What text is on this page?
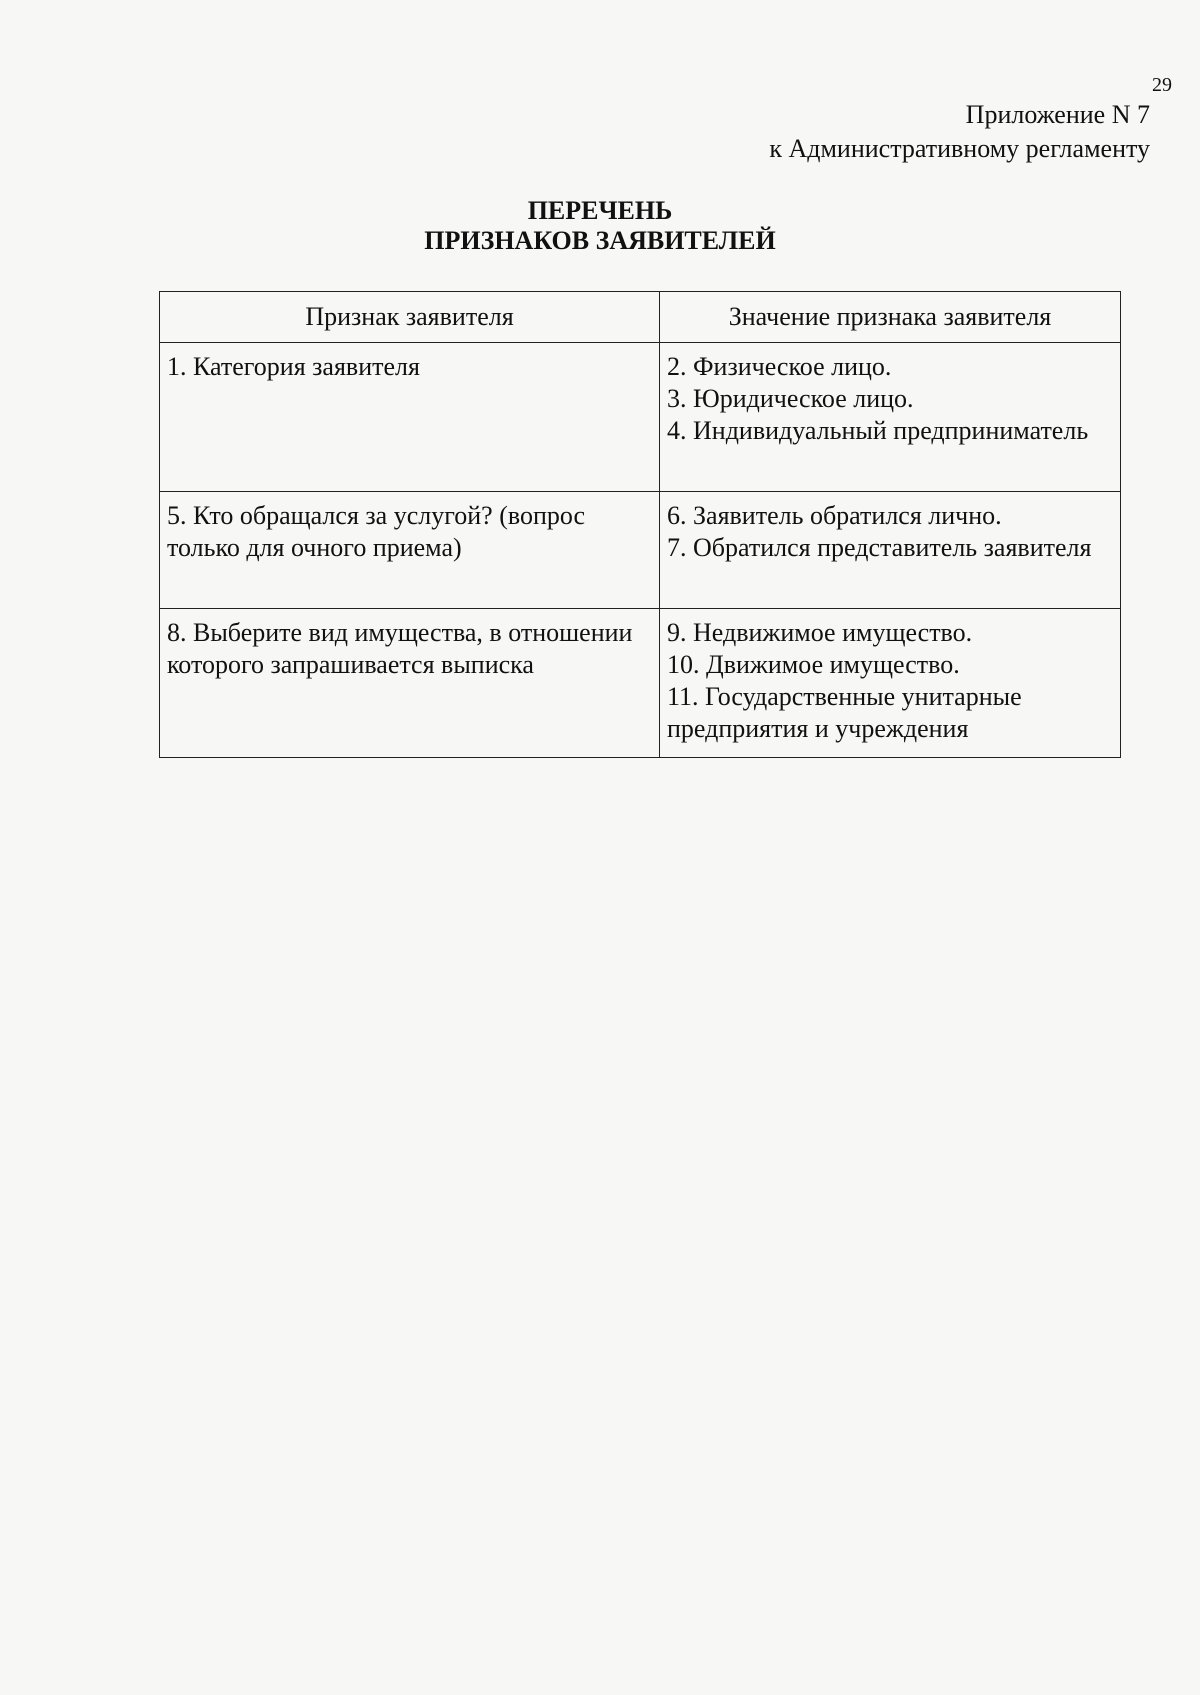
29
Приложение N 7
к Административному регламенту
ПЕРЕЧЕНЬ
ПРИЗНАКОВ ЗАЯВИТЕЛЕЙ
Признак заявителя	Значение признака заявителя
1. Категория заявителя	2. Физическое лицо.
3. Юридическое лицо.
4. Индивидуальный предприниматель

5. Кто обращался за услугой? (вопрос только для очного приема)	6. Заявитель обратился лично.
7. Обратился представитель заявителя

8. Выберите вид имущества, в отношении которого запрашивается выписка	9. Недвижимое имущество.
10. Движимое имущество.
11. Государственные унитарные предприятия и учреждения
